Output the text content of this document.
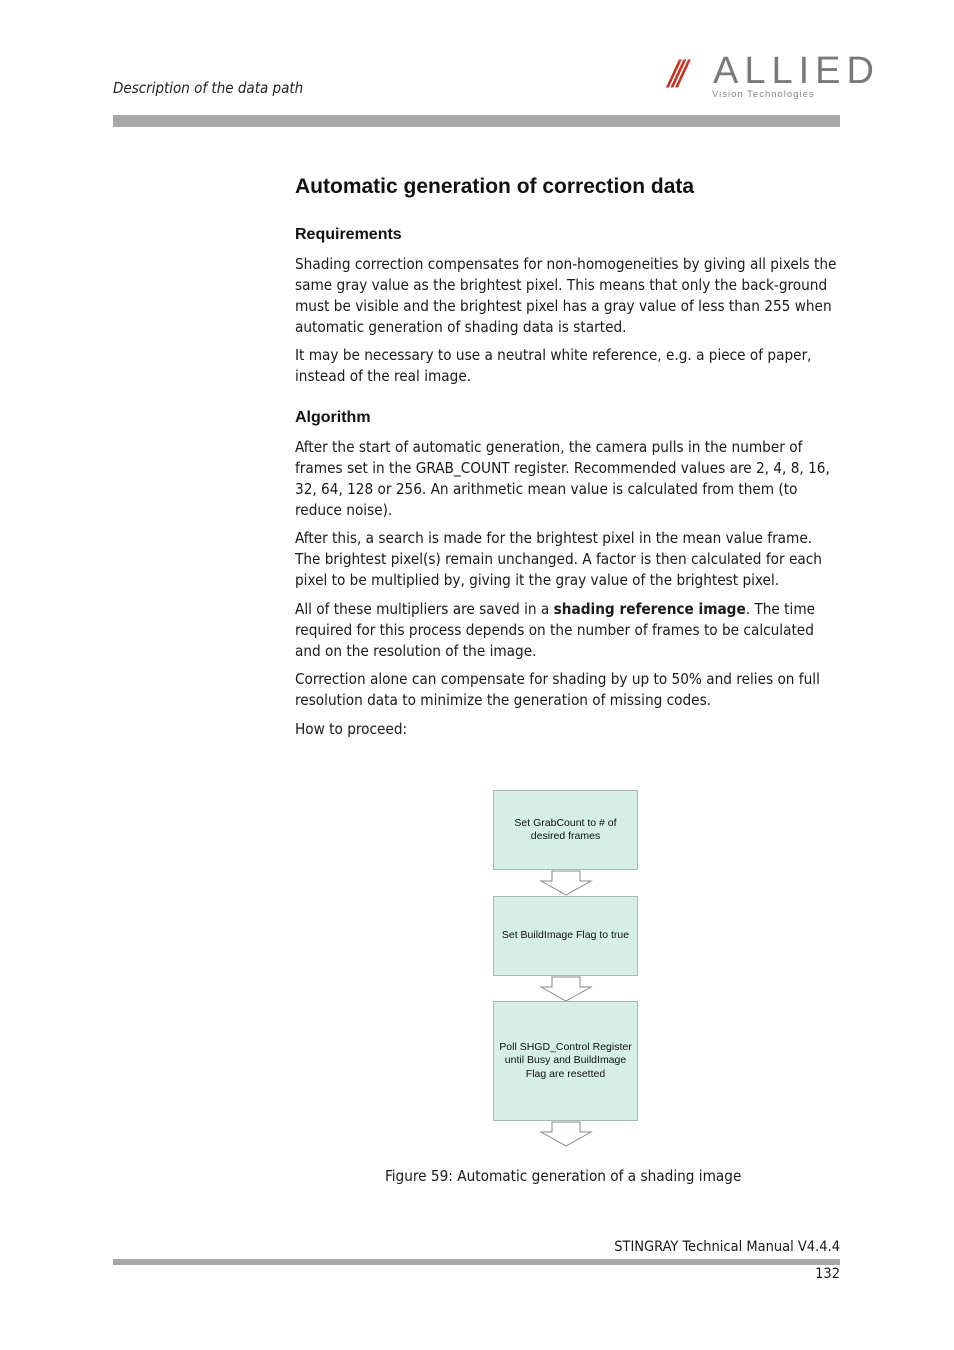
Description of the data path	/// ALLIED
Vision Technologies
Automatic generation of correction data
Requirements

Shading correction compensates for non-homogeneities by giving all pixels the same gray value as the brightest pixel. This means that only the back-ground must be visible and the brightest pixel has a gray value of less than 255 when automatic generation of shading data is started.

It may be necessary to use a neutral white reference, e.g. a piece of paper, instead of the real image.

Algorithm

After the start of automatic generation, the camera pulls in the number of frames set in the GRAB_COUNT register. Recommended values are 2, 4, 8, 16, 32, 64, 128 or 256. An arithmetic mean value is calculated from them (to reduce noise).

After this, a search is made for the brightest pixel in the mean value frame. The brightest pixel(s) remain unchanged. A factor is then calculated for each pixel to be multiplied by, giving it the gray value of the brightest pixel.

All of these multipliers are saved in a shading reference image. The time required for this process depends on the number of frames to be calculated and on the resolution of the image.

Correction alone can compensate for shading by up to 50% and relies on full resolution data to minimize the generation of missing codes.

How to proceed:

Set GrabCount to # of desired frames
Set BuildImage Flag to true
Poll SHGD_Control Register until Busy and BuildImage Flag are resetted
Figure 59: Automatic generation of a shading image
STINGRAY Technical Manual V4.4.4
132
